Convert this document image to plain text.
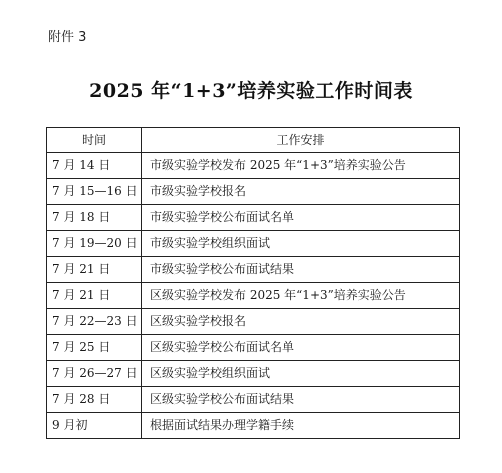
附件 3
2025 年“1+3”培养实验工作时间表
时间	工作安排
7 月 14 日	市级实验学校发布 2025 年“1+3”培养实验公告
7 月 15—16 日	市级实验学校报名
7 月 18 日	市级实验学校公布面试名单
7 月 19—20 日	市级实验学校组织面试
7 月 21 日	市级实验学校公布面试结果
7 月 21 日	区级实验学校发布 2025 年“1+3”培养实验公告
7 月 22—23 日	区级实验学校报名
7 月 25 日	区级实验学校公布面试名单
7 月 26—27 日	区级实验学校组织面试
7 月 28 日	区级实验学校公布面试结果
9 月初	根据面试结果办理学籍手续
